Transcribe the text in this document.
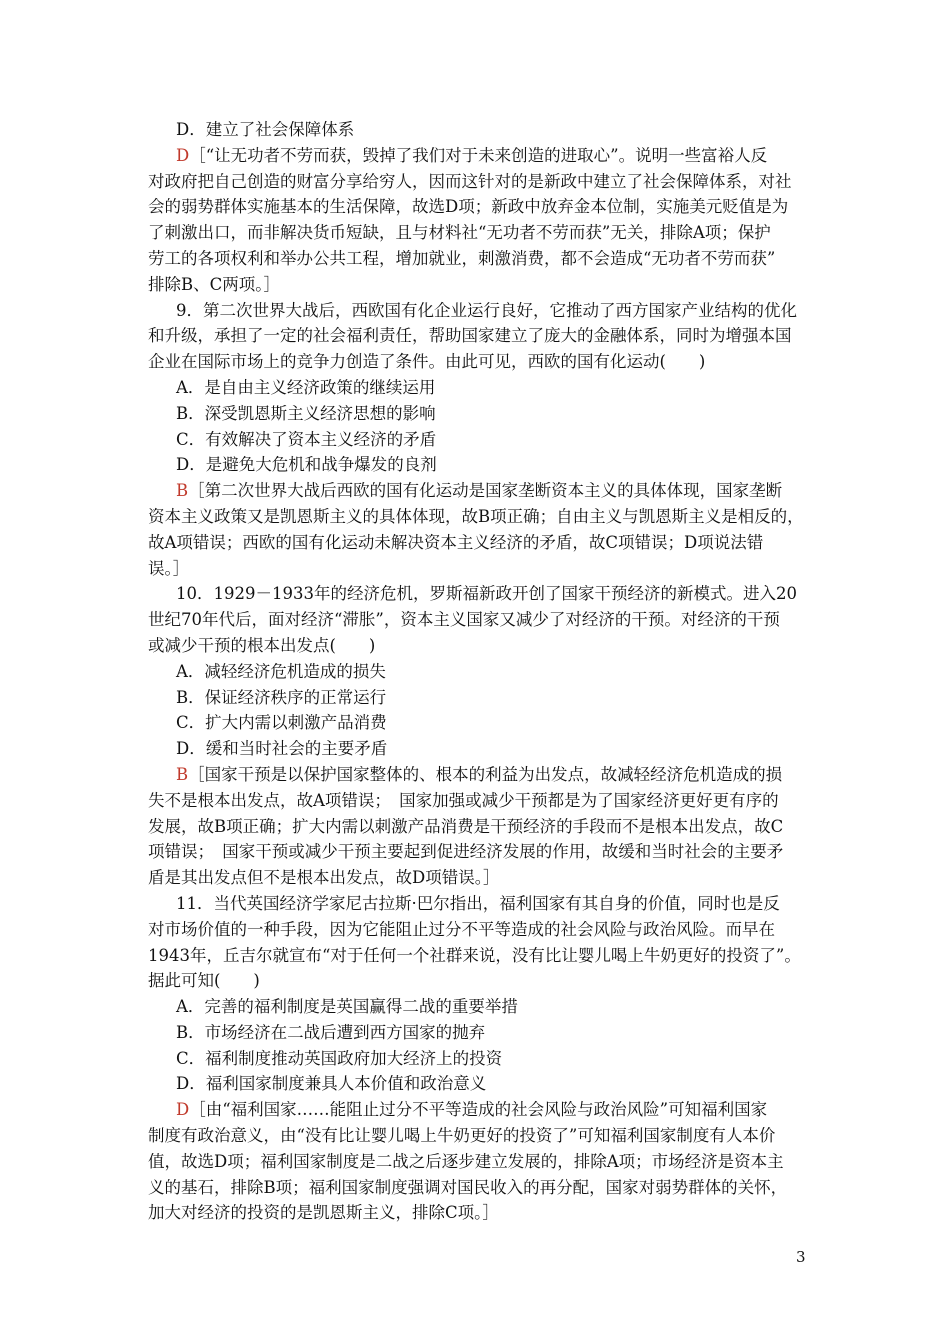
D．建立了社会保障体系
D［“让无功者不劳而获，毁掉了我们对于未来创造的进取心”。说明一些富裕人反
对政府把自己创造的财富分享给穷人，因而这针对的是新政中建立了社会保障体系，对社
会的弱势群体实施基本的生活保障，故选D项；新政中放弃金本位制，实施美元贬值是为
了刺激出口，而非解决货币短缺，且与材料社“无功者不劳而获”无关，排除A项；保护
劳工的各项权利和举办公共工程，增加就业，刺激消费，都不会造成“无功者不劳而获”
排除B、C两项。］
9．第二次世界大战后，西欧国有化企业运行良好，它推动了西方国家产业结构的优化
和升级，承担了一定的社会福利责任，帮助国家建立了庞大的金融体系，同时为增强本国
企业在国际市场上的竞争力创造了条件。由此可见，西欧的国有化运动(　　)
A．是自由主义经济政策的继续运用
B．深受凯恩斯主义经济思想的影响
C．有效解决了资本主义经济的矛盾
D．是避免大危机和战争爆发的良剂
B［第二次世界大战后西欧的国有化运动是国家垄断资本主义的具体体现，国家垄断
资本主义政策又是凯恩斯主义的具体体现，故B项正确；自由主义与凯恩斯主义是相反的，
故A项错误；西欧的国有化运动未解决资本主义经济的矛盾，故C项错误；D项说法错
误。］
10．1929－1933年的经济危机，罗斯福新政开创了国家干预经济的新模式。进入20
世纪70年代后，面对经济“滞胀”，资本主义国家又减少了对经济的干预。对经济的干预
或减少干预的根本出发点(　　)
A．减轻经济危机造成的损失
B．保证经济秩序的正常运行
C．扩大内需以刺激产品消费
D．缓和当时社会的主要矛盾
B［国家干预是以保护国家整体的、根本的利益为出发点，故减轻经济危机造成的损
失不是根本出发点，故A项错误；　国家加强或减少干预都是为了国家经济更好更有序的
发展，故B项正确；扩大内需以刺激产品消费是干预经济的手段而不是根本出发点，故C
项错误；　国家干预或减少干预主要起到促进经济发展的作用，故缓和当时社会的主要矛
盾是其出发点但不是根本出发点，故D项错误。］
11．当代英国经济学家尼古拉斯·巴尔指出，福利国家有其自身的价值，同时也是反
对市场价值的一种手段，因为它能阻止过分不平等造成的社会风险与政治风险。而早在
1943年，丘吉尔就宣布“对于任何一个社群来说，没有比让婴儿喝上牛奶更好的投资了”。
据此可知(　　)
A．完善的福利制度是英国赢得二战的重要举措
B．市场经济在二战后遭到西方国家的抛弃
C．福利制度推动英国政府加大经济上的投资
D．福利国家制度兼具人本价值和政治意义
D［由“福利国家……能阻止过分不平等造成的社会风险与政治风险”可知福利国家
制度有政治意义，由“没有比让婴儿喝上牛奶更好的投资了”可知福利国家制度有人本价
值，故选D项；福利国家制度是二战之后逐步建立发展的，排除A项；市场经济是资本主
义的基石，排除B项；福利国家制度强调对国民收入的再分配，国家对弱势群体的关怀，
加大对经济的投资的是凯恩斯主义，排除C项。］
3
